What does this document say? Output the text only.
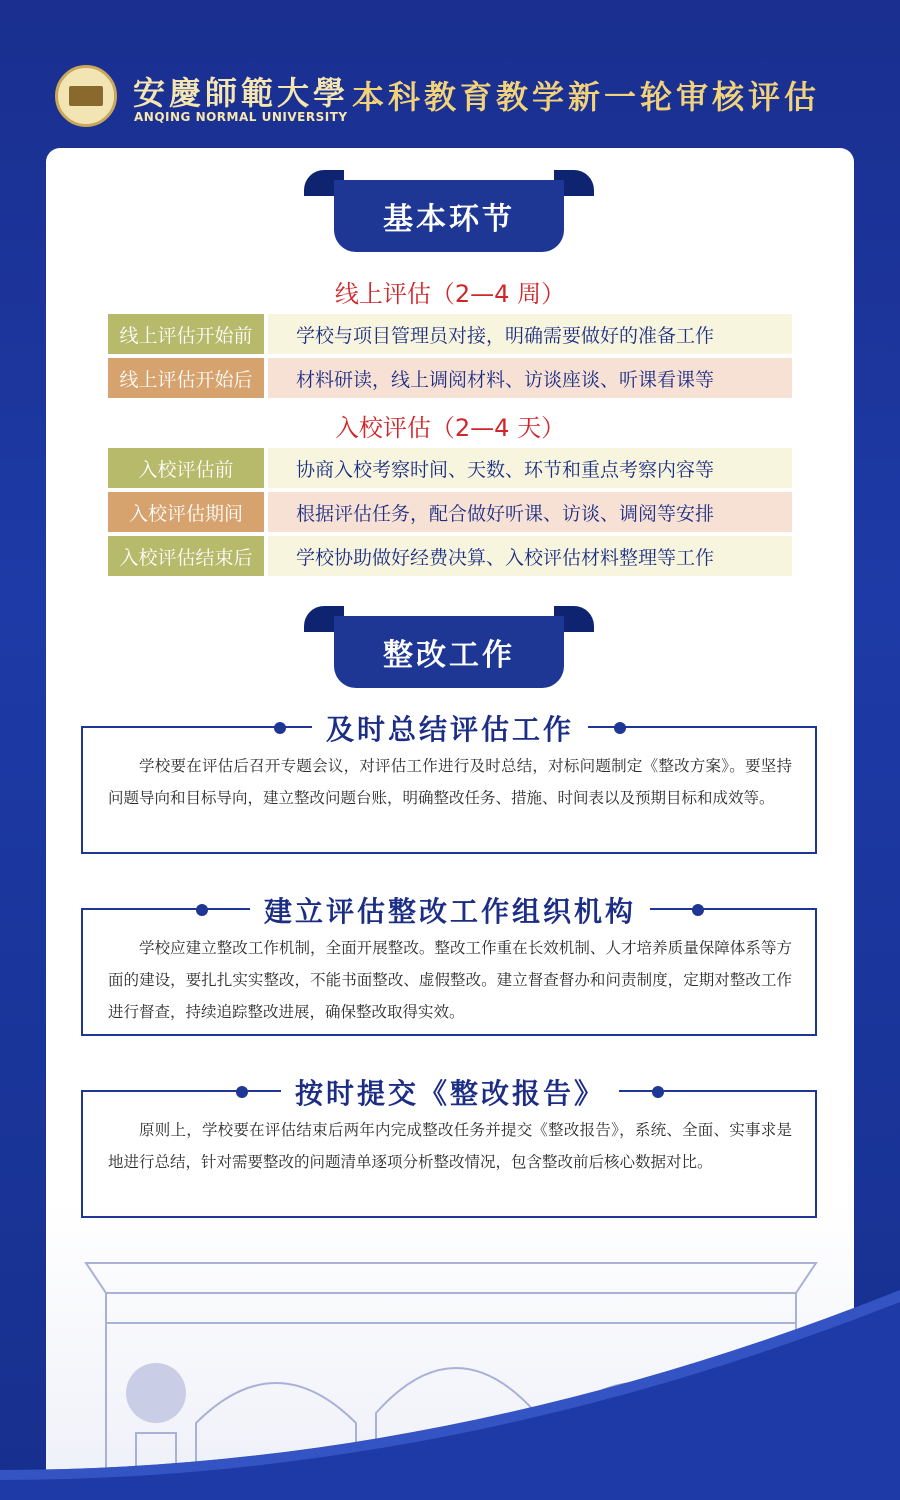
安慶師範大學
ANQING NORMAL UNIVERSITY
本科教育教学新一轮审核评估
基本环节
线上评估（2—4 周）
线上评估开始前	学校与项目管理员对接，明确需要做好的准备工作
线上评估开始后	材料研读，线上调阅材料、访谈座谈、听课看课等
入校评估（2—4 天）
入校评估前	协商入校考察时间、天数、环节和重点考察内容等
入校评估期间	根据评估任务，配合做好听课、访谈、调阅等安排
入校评估结束后	学校协助做好经费决算、入校评估材料整理等工作
整改工作
及时总结评估工作
学校要在评估后召开专题会议，对评估工作进行及时总结，对标问题制定《整改方案》。要坚持问题导向和目标导向，建立整改问题台账，明确整改任务、措施、时间表以及预期目标和成效等。
建立评估整改工作组织机构
学校应建立整改工作机制，全面开展整改。整改工作重在长效机制、人才培养质量保障体系等方面的建设，要扎扎实实整改，不能书面整改、虚假整改。建立督查督办和问责制度，定期对整改工作进行督查，持续追踪整改进展，确保整改取得实效。
按时提交《整改报告》
原则上，学校要在评估结束后两年内完成整改任务并提交《整改报告》，系统、全面、实事求是地进行总结，针对需要整改的问题清单逐项分析整改情况，包含整改前后核心数据对比。
